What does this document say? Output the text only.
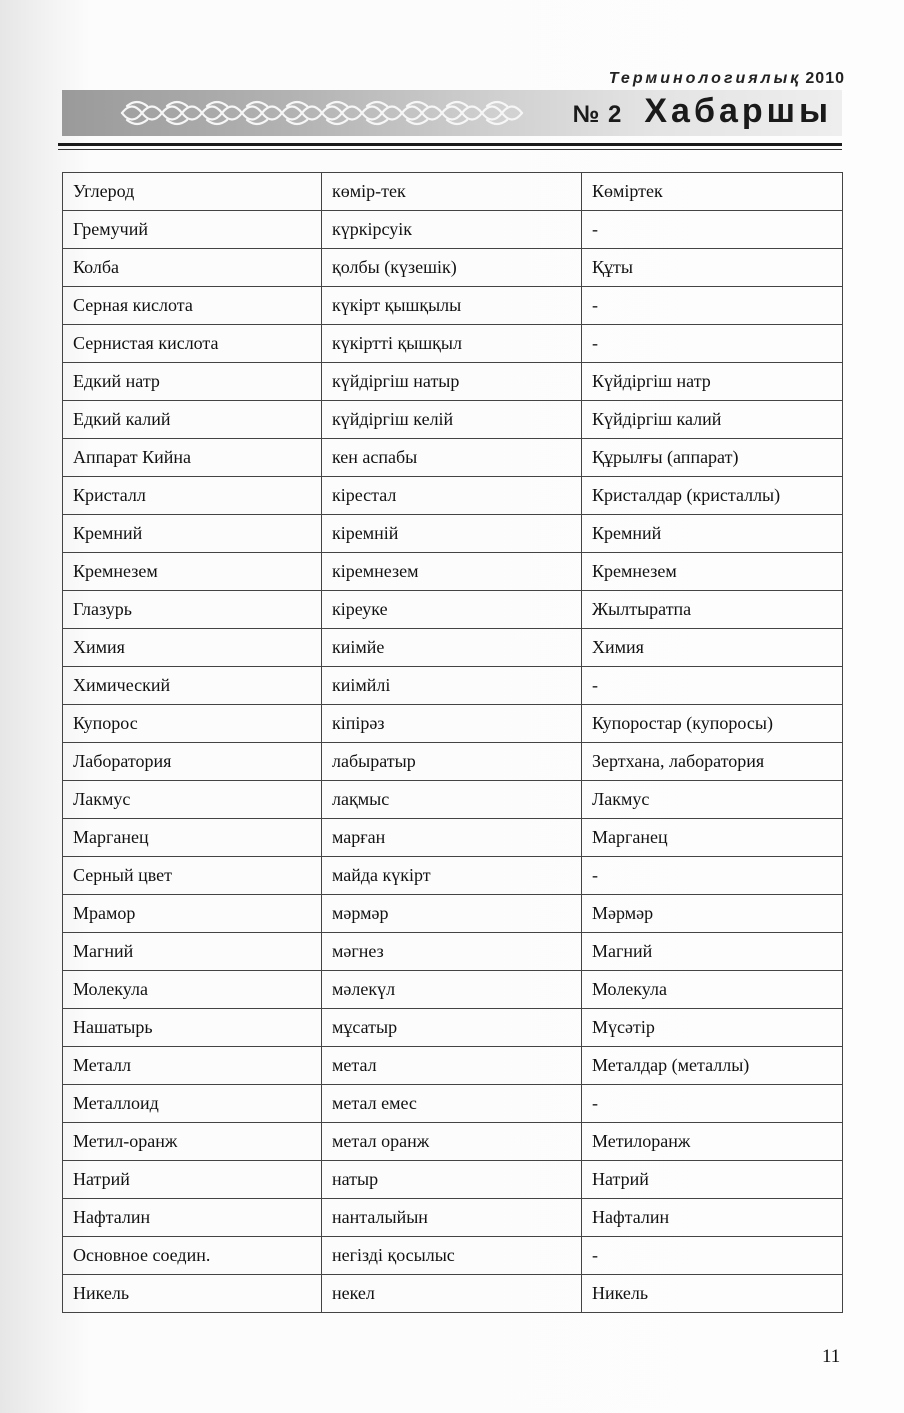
Терминологиялық 2010
№ 2 Хабаршы
Углерод	көмір-тек	Көміртек
Гремучий	күркірсуік	-
Колба	қолбы (күзешік)	Құты
Серная кислота	күкірт қышқылы	-
Сернистая кислота	күкіртті қышқыл	-
Едкий натр	күйдіргіш натыр	Күйдіргіш натр
Едкий калий	күйдіргіш келій	Күйдіргіш калий
Аппарат Кийна	кен аспабы	Құрылғы (аппарат)
Кристалл	кірестал	Кристалдар (кристаллы)
Кремний	кіремній	Кремний
Кремнезем	кіремнезем	Кремнезем
Глазурь	кіреуке	Жылтыратпа
Химия	киімйе	Химия
Химический	киімйлі	-
Купорос	кіпірәз	Купоростар (купоросы)
Лаборатория	лабыратыр	Зертхана, лаборатория
Лакмус	лақмыс	Лакмус
Марганец	марған	Марганец
Серный цвет	майда күкірт	-
Мрамор	мәрмәр	Мәрмәр
Магний	мәгнез	Магний
Молекула	мәлекүл	Молекула
Нашатырь	мұсатыр	Мүсәтір
Металл	метал	Металдар (металлы)
Металлоид	метал емес	-
Метил-оранж	метал оранж	Метилоранж
Натрий	натыр	Натрий
Нафталин	нанталыйын	Нафталин
Основное соедин.	негізді қосылыс	-
Никель	некел	Никель
11
